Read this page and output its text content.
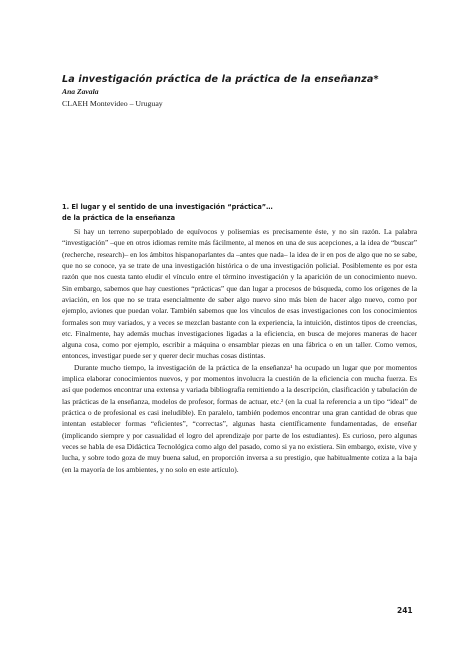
La investigación práctica de la práctica de la enseñanza*
Ana Zavala
CLAEH Montevideo – Uruguay
1. El lugar y el sentido de una investigación “práctica”…
de la práctica de la enseñanza

Si hay un terreno superpoblado de equívocos y polisemias es precisamente éste, y no sin razón. La palabra “investigación” –que en otros idiomas remite más fácilmente, al menos en una de sus acepciones, a la idea de “buscar” (recherche, research)– en los ámbitos hispanoparlantes da –antes que nada– la idea de ir en pos de algo que no se sabe, que no se conoce, ya se trate de una investigación histórica o de una investigación policial. Posiblemente es por esta razón que nos cuesta tanto eludir el vínculo entre el término investigación y la aparición de un conocimiento nuevo. Sin embargo, sabemos que hay cuestiones “prácticas” que dan lugar a procesos de búsqueda, como los orígenes de la aviación, en los que no se trata esencialmente de saber algo nuevo sino más bien de hacer algo nuevo, como por ejemplo, aviones que puedan volar. También sabemos que los vínculos de esas investigaciones con los conocimientos formales son muy variados, y a veces se mezclan bastante con la experiencia, la intuición, distintos tipos de creencias, etc. Finalmente, hay además muchas investigaciones ligadas a la eficiencia, en busca de mejores maneras de hacer alguna cosa, como por ejemplo, escribir a máquina o ensamblar piezas en una fábrica o en un taller. Como vemos, entonces, investigar puede ser y querer decir muchas cosas distintas.

Durante mucho tiempo, la investigación de la práctica de la enseñanza¹ ha ocupado un lugar que por momentos implica elaborar conocimientos nuevos, y por momentos involucra la cuestión de la eficiencia con mucha fuerza. Es así que podemos encontrar una extensa y variada bibliografía remitiendo a la descripción, clasificación y tabulación de las prácticas de la enseñanza, modelos de profesor, formas de actuar, etc.² (en la cual la referencia a un tipo “ideal” de práctica o de profesional es casi ineludible). En paralelo, también podemos encontrar una gran cantidad de obras que intentan establecer formas “eficientes”, “correctas”, algunas hasta científicamente fundamentadas, de enseñar (implicando siempre y por casualidad el logro del aprendizaje por parte de los estudiantes). Es curioso, pero algunas veces se habla de esa Didáctica Tecnológica como algo del pasado, como si ya no existiera. Sin embargo, existe, vive y lucha, y sobre todo goza de muy buena salud, en proporción inversa a su prestigio, que habitualmente cotiza a la baja (en la mayoría de los ambientes, y no solo en este artículo).

241
